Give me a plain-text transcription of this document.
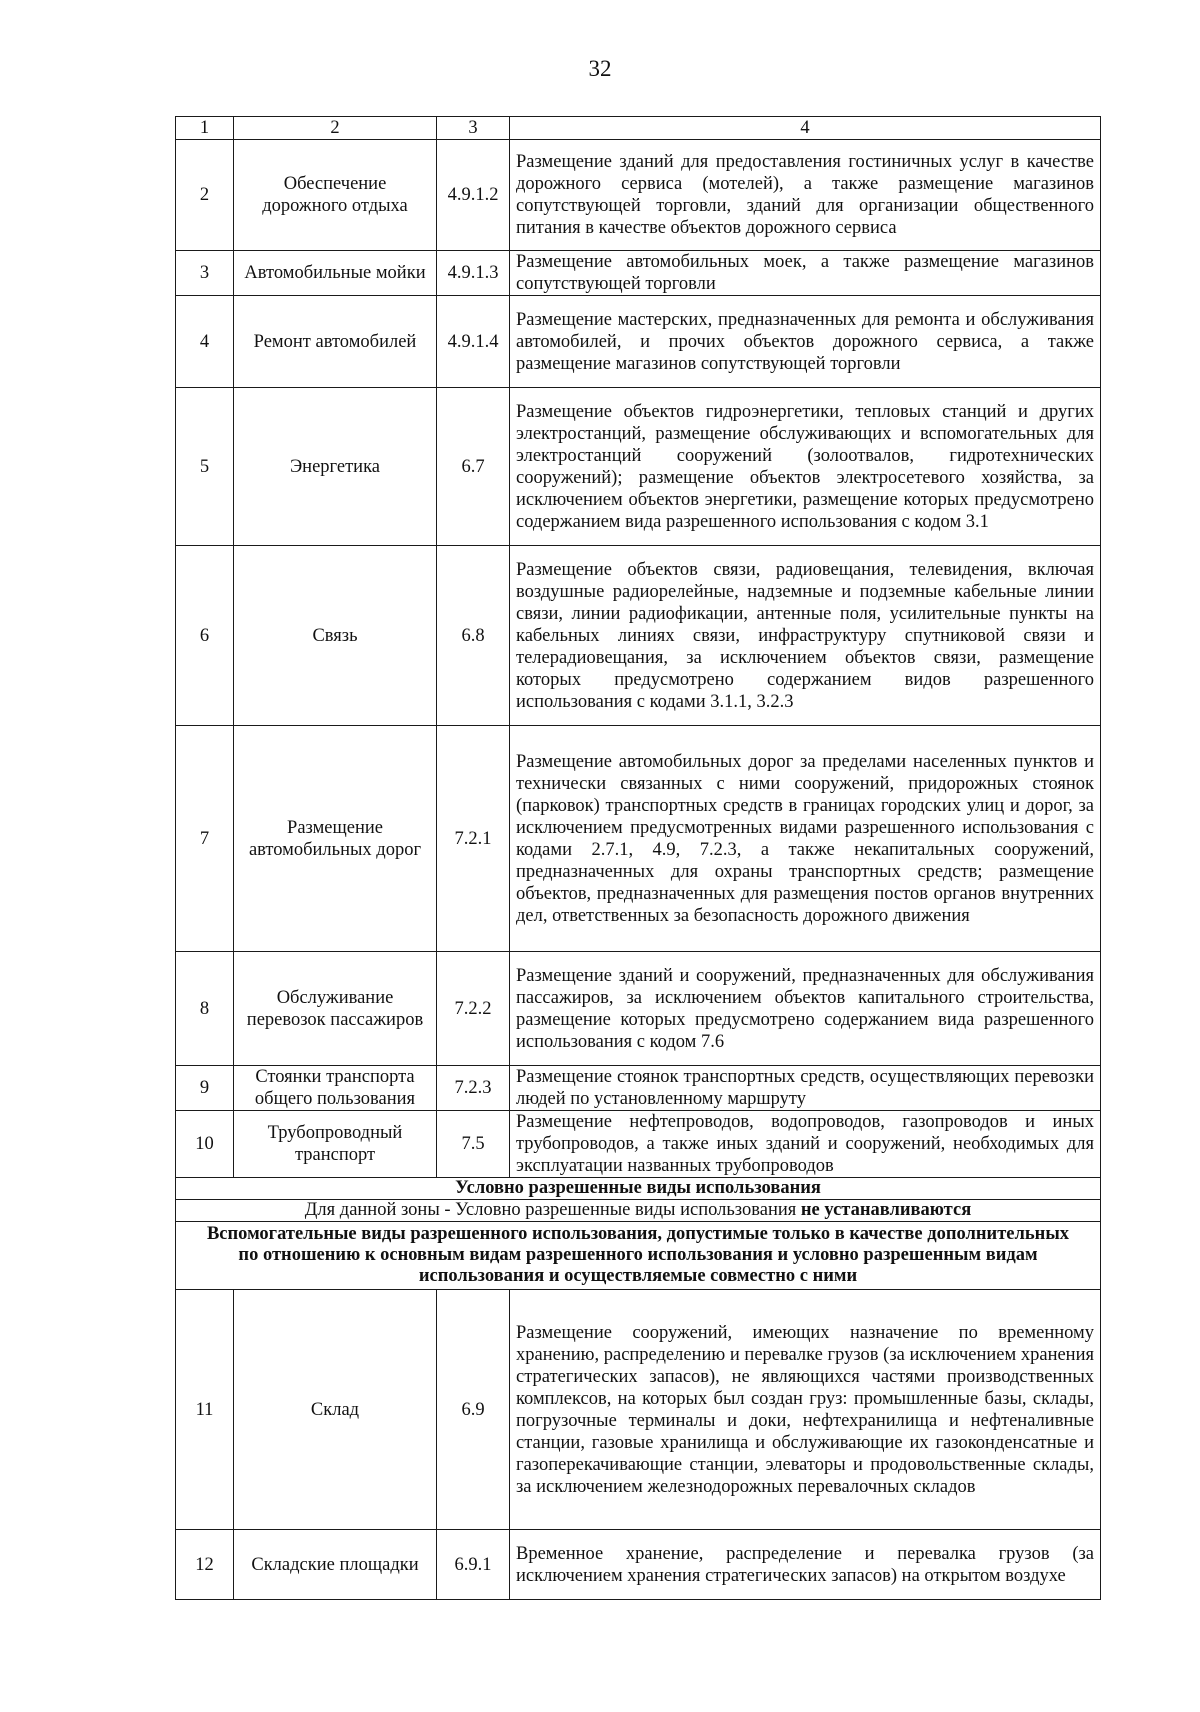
32
1	2	3	4
2	Обеспечение дорожного отдыха	4.9.1.2	Размещение зданий для предоставления гостиничных услуг в качестве дорожного сервиса (мотелей), а также размещение магазинов сопутствующей торговли, зданий для организации общественного питания в качестве объектов дорожного сервиса
3	Автомобильные мойки	4.9.1.3	Размещение автомобильных моек, а также размещение магазинов сопутствующей торговли
4	Ремонт автомобилей	4.9.1.4	Размещение мастерских, предназначенных для ремонта и обслуживания автомобилей, и прочих объектов дорожного сервиса, а также размещение магазинов сопутствующей торговли
5	Энергетика	6.7	Размещение объектов гидроэнергетики, тепловых станций и других электростанций, размещение обслуживающих и вспомогательных для электростанций сооружений (золоотвалов, гидротехнических сооружений); размещение объектов электросетевого хозяйства, за исключением объектов энергетики, размещение которых предусмотрено содержанием вида разрешенного использования с кодом 3.1
6	Связь	6.8	Размещение объектов связи, радиовещания, телевидения, включая воздушные радиорелейные, надземные и подземные кабельные линии связи, линии радиофикации, антенные поля, усилительные пункты на кабельных линиях связи, инфраструктуру спутниковой связи и телерадиовещания, за исключением объектов связи, размещение которых предусмотрено содержанием видов разрешенного использования с кодами 3.1.1, 3.2.3
7	Размещение автомобильных дорог	7.2.1	Размещение автомобильных дорог за пределами населенных пунктов и технически связанных с ними сооружений, придорожных стоянок (парковок) транспортных средств в границах городских улиц и дорог, за исключением предусмотренных видами разрешенного использования с кодами 2.7.1, 4.9, 7.2.3, а также некапитальных сооружений, предназначенных для охраны транспортных средств; размещение объектов, предназначенных для размещения постов органов внутренних дел, ответственных за безопасность дорожного движения
8	Обслуживание перевозок пассажиров	7.2.2	Размещение зданий и сооружений, предназначенных для обслуживания пассажиров, за исключением объектов капитального строительства, размещение которых предусмотрено содержанием вида разрешенного использования с кодом 7.6
9	Стоянки транспорта общего пользования	7.2.3	Размещение стоянок транспортных средств, осуществляющих перевозки людей по установленному маршруту
10	Трубопроводный транспорт	7.5	Размещение нефтепроводов, водопроводов, газопроводов и иных трубопроводов, а также иных зданий и сооружений, необходимых для эксплуатации названных трубопроводов
Условно разрешенные виды использования			
Для данной зоны - Условно разрешенные виды использования не устанавливаются			
Вспомогательные виды разрешенного использования, допустимые только в качестве дополнительных по отношению к основным видам разрешенного использования и условно разрешенным видам использования и осуществляемые совместно с ними			
11	Склад	6.9	Размещение сооружений, имеющих назначение по временному хранению, распределению и перевалке грузов (за исключением хранения стратегических запасов), не являющихся частями производственных комплексов, на которых был создан груз: промышленные базы, склады, погрузочные терминалы и доки, нефтехранилища и нефтеналивные станции, газовые хранилища и обслуживающие их газоконденсатные и газоперекачивающие станции, элеваторы и продовольственные склады, за исключением железнодорожных перевалочных складов
12	Складские площадки	6.9.1	Временное хранение, распределение и перевалка грузов (за исключением хранения стратегических запасов) на открытом воздухе
